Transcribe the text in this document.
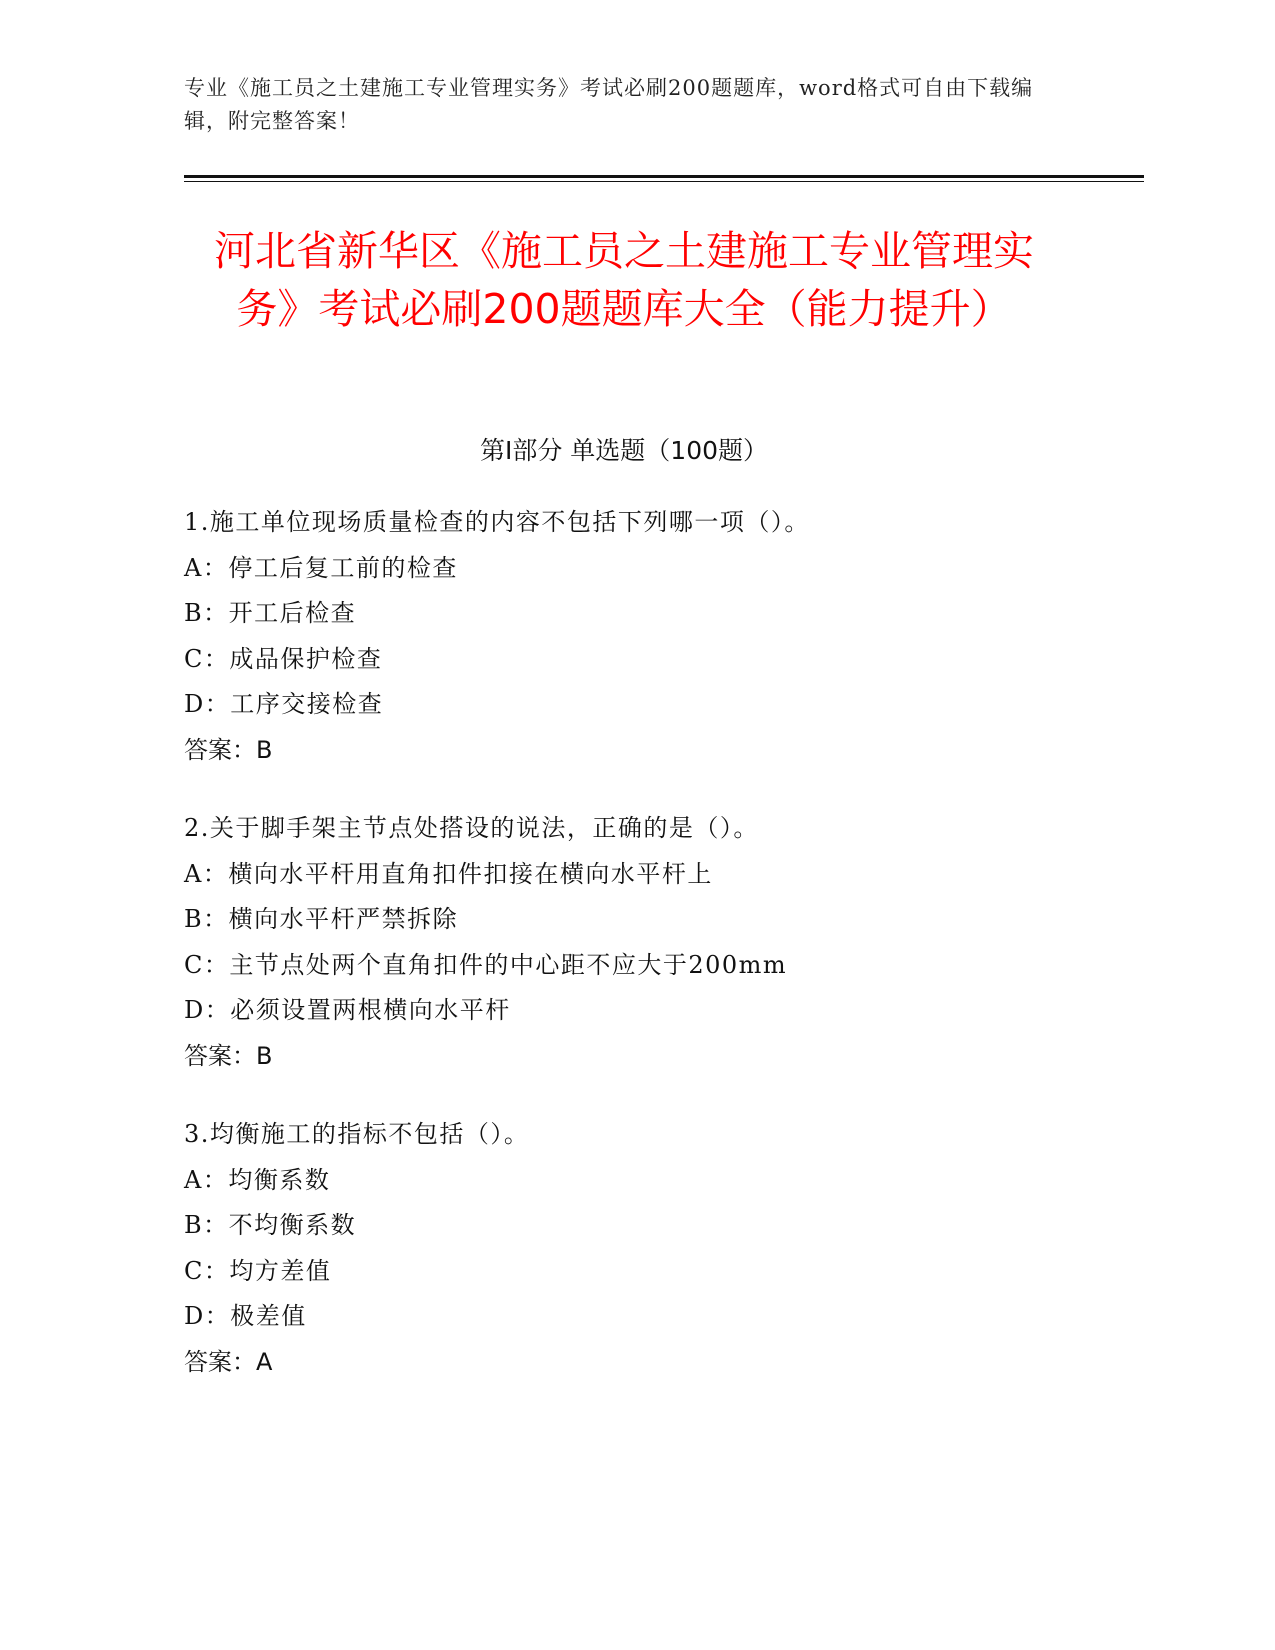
专业《施工员之土建施工专业管理实务》考试必刷200题题库，word格式可自由下载编辑，附完整答案！
河北省新华区《施工员之土建施工专业管理实务》考试必刷200题题库大全（能力提升）
第I部分 单选题（100题）
1.施工单位现场质量检查的内容不包括下列哪一项（）。
A：停工后复工前的检查
B：开工后检查
C：成品保护检查
D：工序交接检查
答案：B
2.关于脚手架主节点处搭设的说法，正确的是（）。
A：横向水平杆用直角扣件扣接在横向水平杆上
B：横向水平杆严禁拆除
C：主节点处两个直角扣件的中心距不应大于200mm
D：必须设置两根横向水平杆
答案：B
3.均衡施工的指标不包括（）。
A：均衡系数
B：不均衡系数
C：均方差值
D：极差值
答案：A
